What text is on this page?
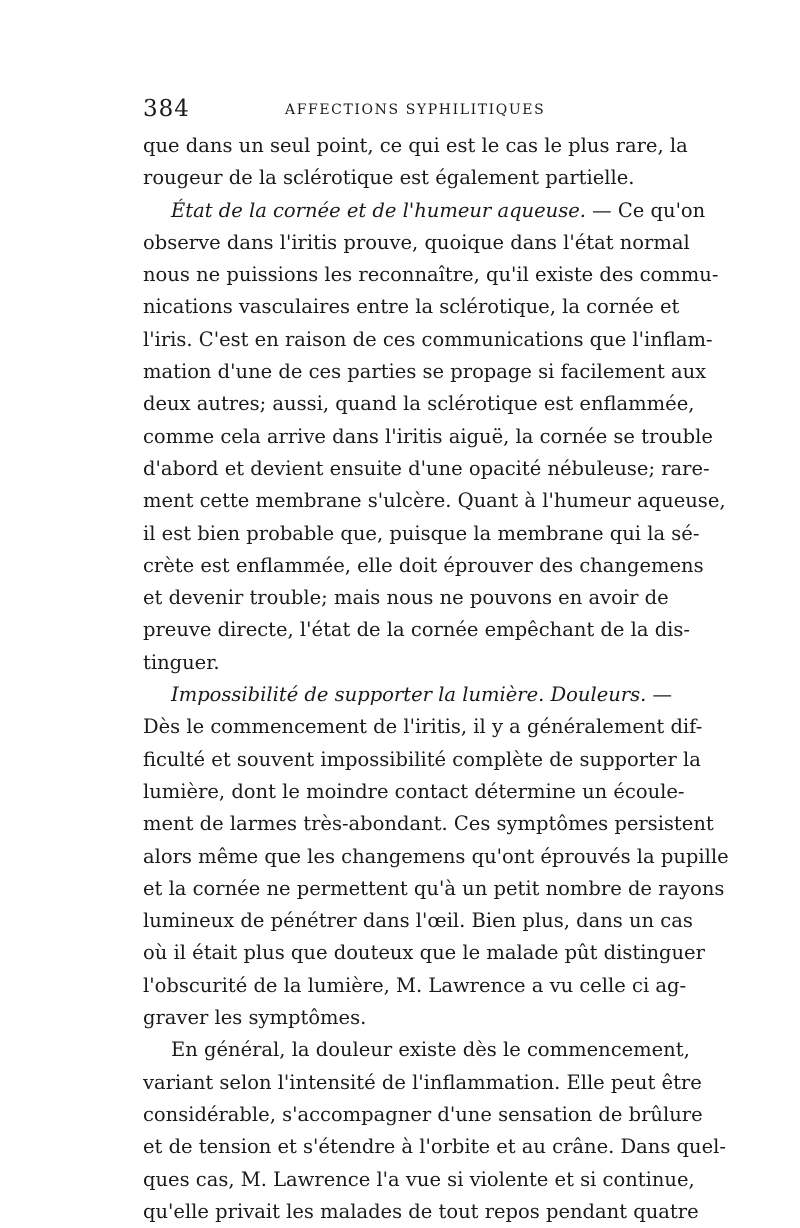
384	AFFECTIONS SYPHILITIQUES
que dans un seul point, ce qui est le cas le plus rare, la
rougeur de la sclérotique est également partielle.
État de la cornée et de l'humeur aqueuse. — Ce qu'on
observe dans l'iritis prouve, quoique dans l'état normal
nous ne puissions les reconnaître, qu'il existe des commu-
nications vasculaires entre la sclérotique, la cornée et
l'iris. C'est en raison de ces communications que l'inflam-
mation d'une de ces parties se propage si facilement aux
deux autres; aussi, quand la sclérotique est enflammée,
comme cela arrive dans l'iritis aiguë, la cornée se trouble
d'abord et devient ensuite d'une opacité nébuleuse; rare-
ment cette membrane s'ulcère. Quant à l'humeur aqueuse,
il est bien probable que, puisque la membrane qui la sé-
crète est enflammée, elle doit éprouver des changemens
et devenir trouble; mais nous ne pouvons en avoir de
preuve directe, l'état de la cornée empêchant de la dis-
tinguer.
Impossibilité de supporter la lumière. Douleurs. —
Dès le commencement de l'iritis, il y a généralement dif-
ficulté et souvent impossibilité complète de supporter la
lumière, dont le moindre contact détermine un écoule-
ment de larmes très-abondant. Ces symptômes persistent
alors même que les changemens qu'ont éprouvés la pupille
et la cornée ne permettent qu'à un petit nombre de rayons
lumineux de pénétrer dans l'œil. Bien plus, dans un cas
où il était plus que douteux que le malade pût distinguer
l'obscurité de la lumière, M. Lawrence a vu celle ci ag-
graver les symptômes.
En général, la douleur existe dès le commencement,
variant selon l'intensité de l'inflammation. Elle peut être
considérable, s'accompagner d'une sensation de brûlure
et de tension et s'étendre à l'orbite et au crâne. Dans quel-
ques cas, M. Lawrence l'a vue si violente et si continue,
qu'elle privait les malades de tout repos pendant quatre
